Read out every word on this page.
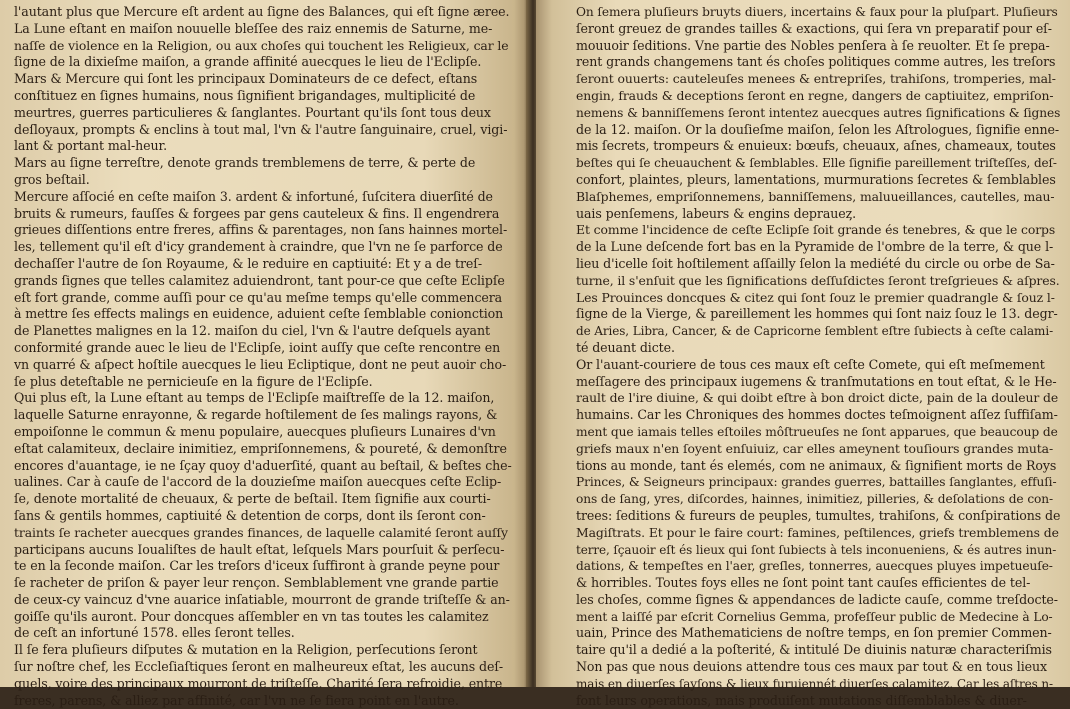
l'autant plus que Mercure eſt ardent au ſigne des Balances, qui eſt ſigne æree.
La Lune eſtant en maiſon nouuelle bleſſee des raiz ennemis de Saturne, me-
naſſe de violence en la Religion, ou aux choſes qui touchent les Religieux, car le
ſigne de la dixieſme maiſon, a grande affinité auecques le lieu de l'Eclipſe.
Mars & Mercure qui ſont les principaux Dominateurs de ce defect, eſtans
conſtituez en ſignes humains, nous ſignifient brigandages, multiplicité de
meurtres, guerres particulieres & ſanglantes. Pourtant qu'ils ſont tous deux
deſloyaux, prompts & enclins à tout mal, l'vn & l'autre ſanguinaire, cruel, vigi-
lant & portant mal-heur.
Mars au ſigne terreſtre, denote grands tremblemens de terre, & perte de
gros beſtail.
Mercure aſſocié en ceſte maiſon 3. ardent & infortuné, ſuſcitera diuerſité de
bruits & rumeurs, fauſſes & forgees par gens cauteleux & fins. Il engendrera
grieues diſſentions entre freres, affins & parentages, non ſans hainnes mortel-
les, tellement qu'il eſt d'icy grandement à craindre, que l'vn ne ſe parforce de
dechaſſer l'autre de ſon Royaume, & le reduire en captiuité: Et y a de treſ-
grands ſignes que telles calamitez aduiendront, tant pour-ce que ceſte Eclipſe
eſt fort grande, comme auſſi pour ce qu'au meſme temps qu'elle commencera
à mettre ſes effects malings en euidence, aduient ceſte ſemblable conionction
de Planettes malignes en la 12. maiſon du ciel, l'vn & l'autre deſquels ayant
conformité grande auec le lieu de l'Eclipſe, ioint auſſy que ceſte rencontre en
vn quarré & aſpect hoſtile auecques le lieu Ecliptique, dont ne peut auoir cho-
ſe plus deteſtable ne pernicieuſe en la figure de l'Eclipſe.
Qui plus eſt, la Lune eſtant au temps de l'Eclipſe maiſtreſſe de la 12. maiſon,
laquelle Saturne enrayonne, & regarde hoſtilement de ſes malings rayons, &
empoiſonne le commun & menu populaire, auecques pluſieurs Lunaires d'vn
eſtat calamiteux, declaire inimitiez, empriſonnemens, & poureté, & demonſtre
encores d'auantage, ie ne ſçay quoy d'aduerſité, quant au beſtail, & beſtes che-
ualines. Car à cauſe de l'accord de la douzieſme maiſon auecques ceſte Eclip-
ſe, denote mortalité de cheuaux, & perte de beſtail. Item ſignifie aux courti-
ſans & gentils hommes, captiuité & detention de corps, dont ils ſeront con-
traints ſe racheter auecques grandes finances, de laquelle calamité ſeront auſſy
participans aucuns Ioualiſtes de hault eſtat, leſquels Mars pourſuit & perſecu-
te en la ſeconde maiſon. Car les treſors d'iceux ſuffiront à grande peyne pour
ſe racheter de priſon & payer leur rençon. Semblablement vne grande partie
de ceux-cy vaincuz d'vne auarice inſatiable, mourront de grande triſteſſe & an-
goiſſe qu'ils auront. Pour doncques aſſembler en vn tas toutes les calamitez
de ceſt an infortuné 1578. elles ſeront telles.
Il ſe fera pluſieurs diſputes & mutation en la Religion, perſecutions ſeront
ſur noſtre chef, les Eccleſiaſtiques ſeront en malheureux eſtat, les aucuns deſ-
quels, voire des principaux mourront de triſteſſe. Charité ſera refroidie, entre
freres, parens, & alliez par affinité, car l'vn ne ſe fiera point en l'autre.
On ſemera pluſieurs bruyts diuers, incertains & faux pour la pluſpart. Pluſieurs
ſeront greuez de grandes tailles & exactions, qui ſera vn preparatif pour eſ-
mouuoir ſeditions. Vne partie des Nobles penſera à ſe reuolter. Et ſe prepa-
rent grands changemens tant és choſes politiques comme autres, les treſors
ſeront ouuerts: cauteleuſes menees & entrepriſes, trahiſons, tromperies, mal-
engin, frauds & deceptions ſeront en regne, dangers de captiuitez, empriſon-
nemens & banniſſemens ſeront intentez auecques autres ſignifications & ſignes
de la 12. maiſon. Or la douſieſme maiſon, ſelon les Aſtrologues, ſignifie enne-
mis ſecrets, trompeurs & enuieux: bœufs, cheuaux, aſnes, chameaux, toutes
beſtes qui ſe cheuauchent & ſemblables. Elle ſignifie pareillement triſteſſes, deſ-
confort, plaintes, pleurs, lamentations, murmurations ſecretes & ſemblables
Blaſphemes, empriſonnemens, banniſſemens, maluueillances, cautelles, mau-
uais penſemens, labeurs & engins depraueȥ.
Et comme l'incidence de ceſte Eclipſe ſoit grande és tenebres, & que le corps
de la Lune deſcende fort bas en la Pyramide de l'ombre de la terre, & que l-
lieu d'icelle ſoit hoſtilement aſſailly ſelon la mediété du circle ou orbe de Sa-
turne, il s'enſuit que les ſignifications deſſuſdictes ſeront treſgrieues & aſpres.
Les Prouinces doncques & citez qui ſont ſouz le premier quadrangle & ſouz l-
ſigne de la Vierge, & pareillement les hommes qui ſont naiz ſouz le 13. degr-
de Aries, Libra, Cancer, & de Capricorne ſemblent eſtre ſubiects à ceſte calami-
té deuant dicte.
Or l'auant-couriere de tous ces maux eſt ceſte Comete, qui eſt meſmement
meſſagere des principaux iugemens & tranſmutations en tout eſtat, & le He-
rault de l'ire diuine, & qui doibt eſtre à bon droict dicte, pain de la douleur de
humains. Car les Chroniques des hommes doctes teſmoignent aſſez ſuffiſam-
ment que iamais telles eſtoiles môſtrueuſes ne ſont apparues, que beaucoup de
griefs maux n'en ſoyent enſuiuiz, car elles ameynent touſiours grandes muta-
tions au monde, tant és elemés, com ne animaux, & ſignifient morts de Roys
Princes, & Seigneurs principaux: grandes guerres, battailles ſanglantes, effuſi-
ons de ſang, yres, diſcordes, hainnes, inimitiez, pilleries, & deſolations de con-
trees: ſeditions & fureurs de peuples, tumultes, trahiſons, & conſpirations de
Magiſtrats. Et pour le faire court: famines, peſtilences, griefs tremblemens de
terre, ſçauoir eſt és lieux qui ſont ſubiects à tels inconueniens, & és autres inun-
dations, & tempeſtes en l'aer, greſles, tonnerres, auecques pluyes impetueuſe-
& horribles. Toutes foys elles ne ſont point tant cauſes efficientes de tel-
les choſes, comme ſignes & appendances de ladicte cauſe, comme treſdocte-
ment a laiſſé par eſcrit Cornelius Gemma, profeſſeur public de Medecine à Lo-
uain, Prince des Mathematiciens de noſtre temps, en ſon premier Commen-
taire qu'il a dedié a la poſterité, & intitulé De diuinis naturæ characteriſmis
Non pas que nous deuions attendre tous ces maux par tout & en tous lieux
mais en diuerſes ſayſons & lieux furuiennét diuerſes calamitez. Car les aſtres n-
font leurs operations, mais produiſent mutations diſſemblables & diuer-
